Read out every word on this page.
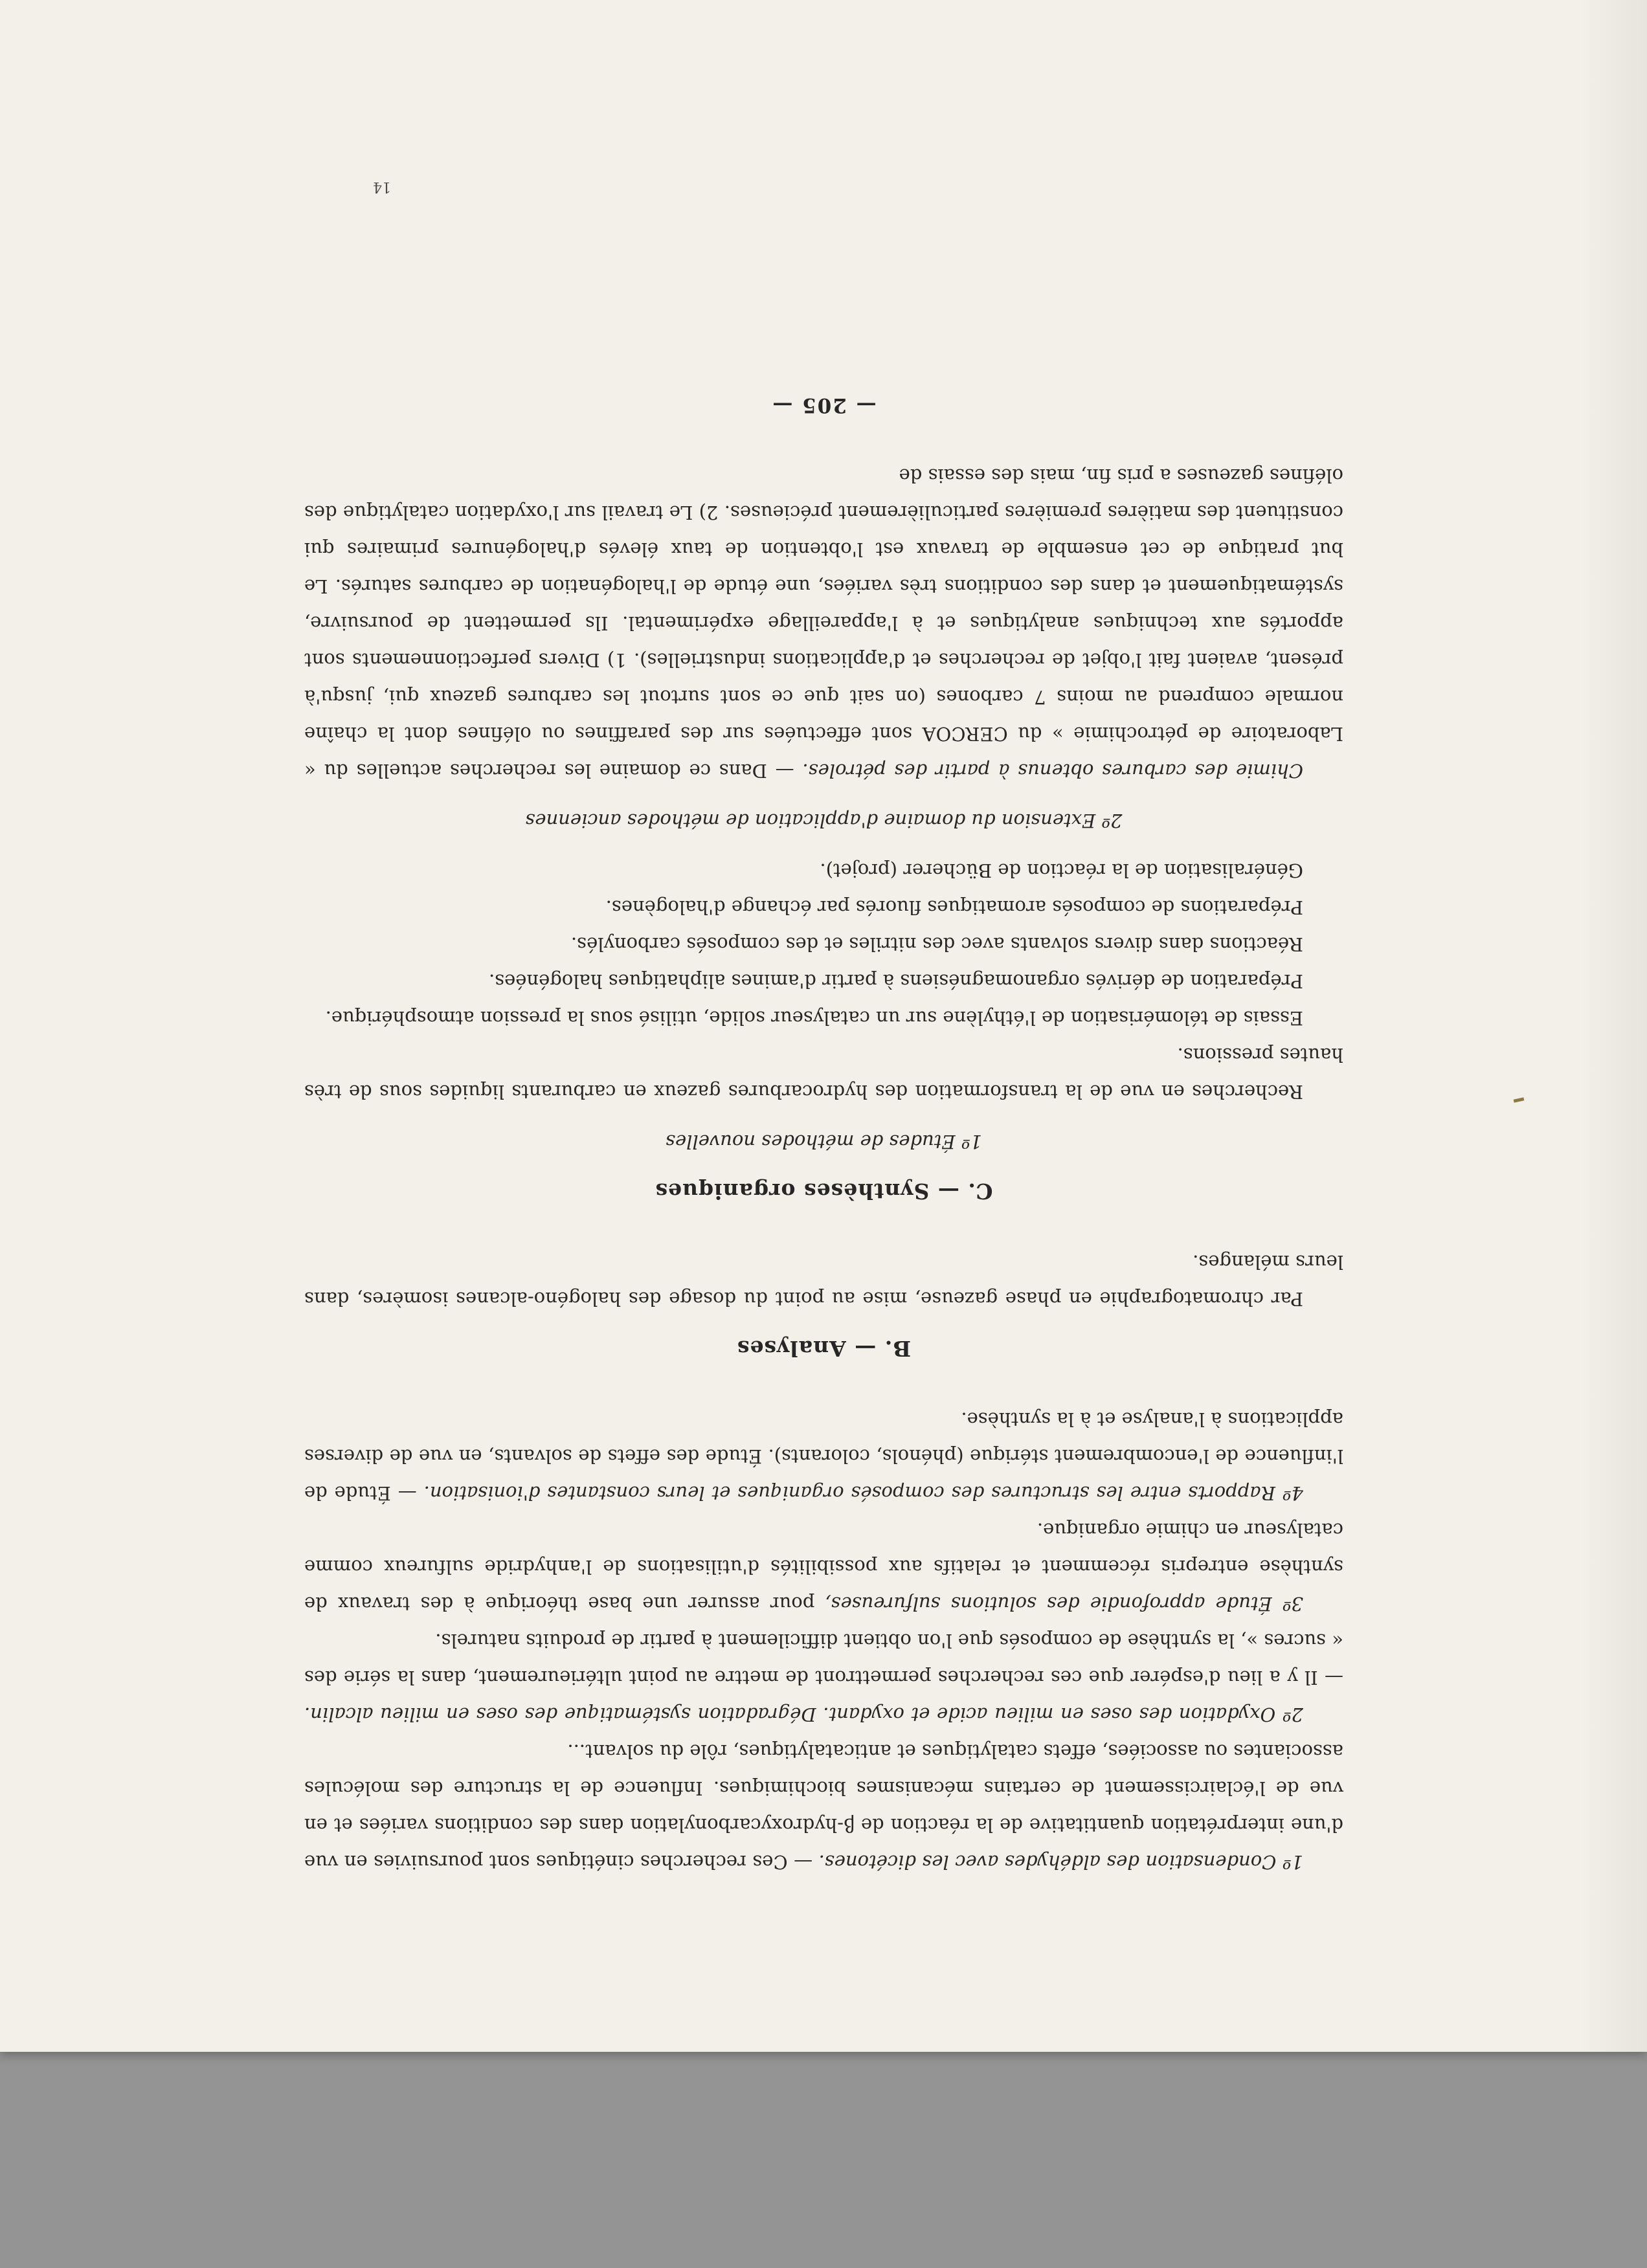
1º Condensation des aldéhydes avec les dicétones. — Ces recherches cinétiques sont poursuivies en vue d'une interprétation quantitative de la réaction de β-hydroxycarbonylation dans des conditions variées et en vue de l'éclaircissement de certains mécanismes biochimiques. Influence de la structure des molécules associantes ou associées, effets catalytiques et anticatalytiques, rôle du solvant...

2º Oxydation des oses en milieu acide et oxydant. Dégradation systématique des oses en milieu alcalin. — Il y a lieu d'espérer que ces recherches permettront de mettre au point ultérieurement, dans la série des « sucres », la synthèse de composés que l'on obtient difficilement à partir de produits naturels.

3º Étude approfondie des solutions sulfureuses, pour assurer une base théorique à des travaux de synthèse entrepris récemment et relatifs aux possibilités d'utilisations de l'anhydride sulfureux comme catalyseur en chimie organique.

4º Rapports entre les structures des composés organiques et leurs constantes d'ionisation. — Étude de l'influence de l'encombrement stérique (phénols, colorants). Étude des effets de solvants, en vue de diverses applications à l'analyse et à la synthèse.

B. — Analyses

Par chromatographie en phase gazeuse, mise au point du dosage des halogéno-alcanes isomères, dans leurs mélanges.

C. — Synthèses organiques

1º Études de méthodes nouvelles

Recherches en vue de la transformation des hydrocarbures gazeux en carburants liquides sous de très hautes pressions.

Essais de télomérisation de l'éthylène sur un catalyseur solide, utilisé sous la pression atmosphérique.

Préparation de dérivés organomagnésiens à partir d'amines aliphatiques halogénées.

Réactions dans divers solvants avec des nitriles et des composés carbonylés.

Préparations de composés aromatiques fluorés par échange d'halogènes.

Généralisation de la réaction de Bücherer (projet).

2º Extension du domaine d'application de méthodes anciennes

Chimie des carbures obtenus à partir des pétroles. — Dans ce domaine les recherches actuelles du « Laboratoire de pétrochimie » du CERCOA sont effectuées sur des paraffines ou oléfines dont la chaîne normale comprend au moins 7 carbones (on sait que ce sont surtout les carbures gazeux qui, jusqu'à présent, avaient fait l'objet de recherches et d'applications industrielles). 1) Divers perfectionnements sont apportés aux techniques analytiques et à l'appareillage expérimental. Ils permettent de poursuivre, systématiquement et dans des conditions très variées, une étude de l'halogénation de carbures saturés. Le but pratique de cet ensemble de travaux est l'obtention de taux élevés d'halogénures primaires qui constituent des matières premières particulièrement précieuses. 2) Le travail sur l'oxydation catalytique des oléfines gazeuses a pris fin, mais des essais de

— 205 —

14
